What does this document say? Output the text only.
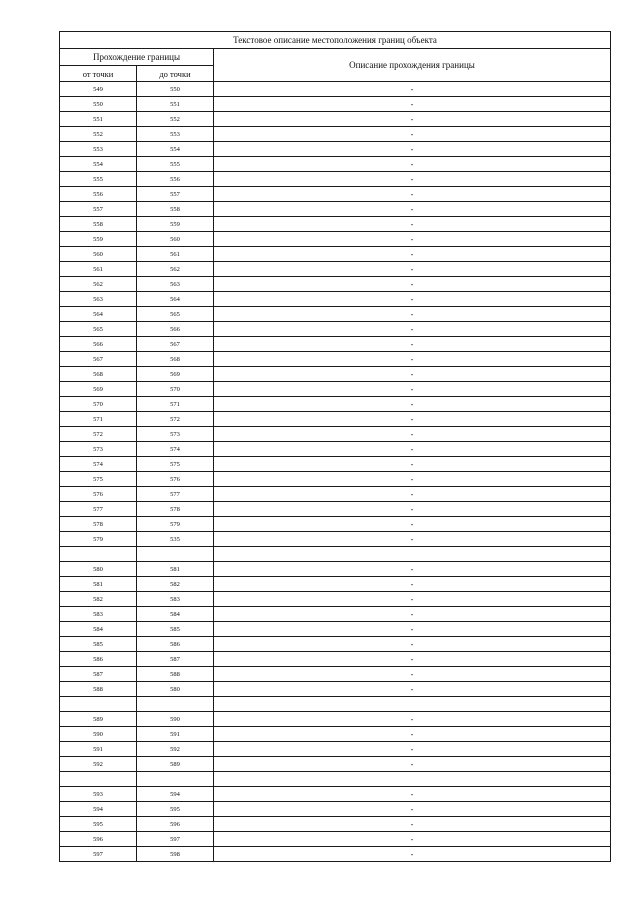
Текстовое описание местоположения границ объекта		
Прохождение границы		Описание прохождения границы
от точки	до точки	
549	550	-
550	551	-
551	552	-
552	553	-
553	554	-
554	555	-
555	556	-
556	557	-
557	558	-
558	559	-
559	560	-
560	561	-
561	562	-
562	563	-
563	564	-
564	565	-
565	566	-
566	567	-
567	568	-
568	569	-
569	570	-
570	571	-
571	572	-
572	573	-
573	574	-
574	575	-
575	576	-
576	577	-
577	578	-
578	579	-
579	535	-

580	581	-
581	582	-
582	583	-
583	584	-
584	585	-
585	586	-
586	587	-
587	588	-
588	580	-

589	590	-
590	591	-
591	592	-
592	589	-

593	594	-
594	595	-
595	596	-
596	597	-
597	598	-
